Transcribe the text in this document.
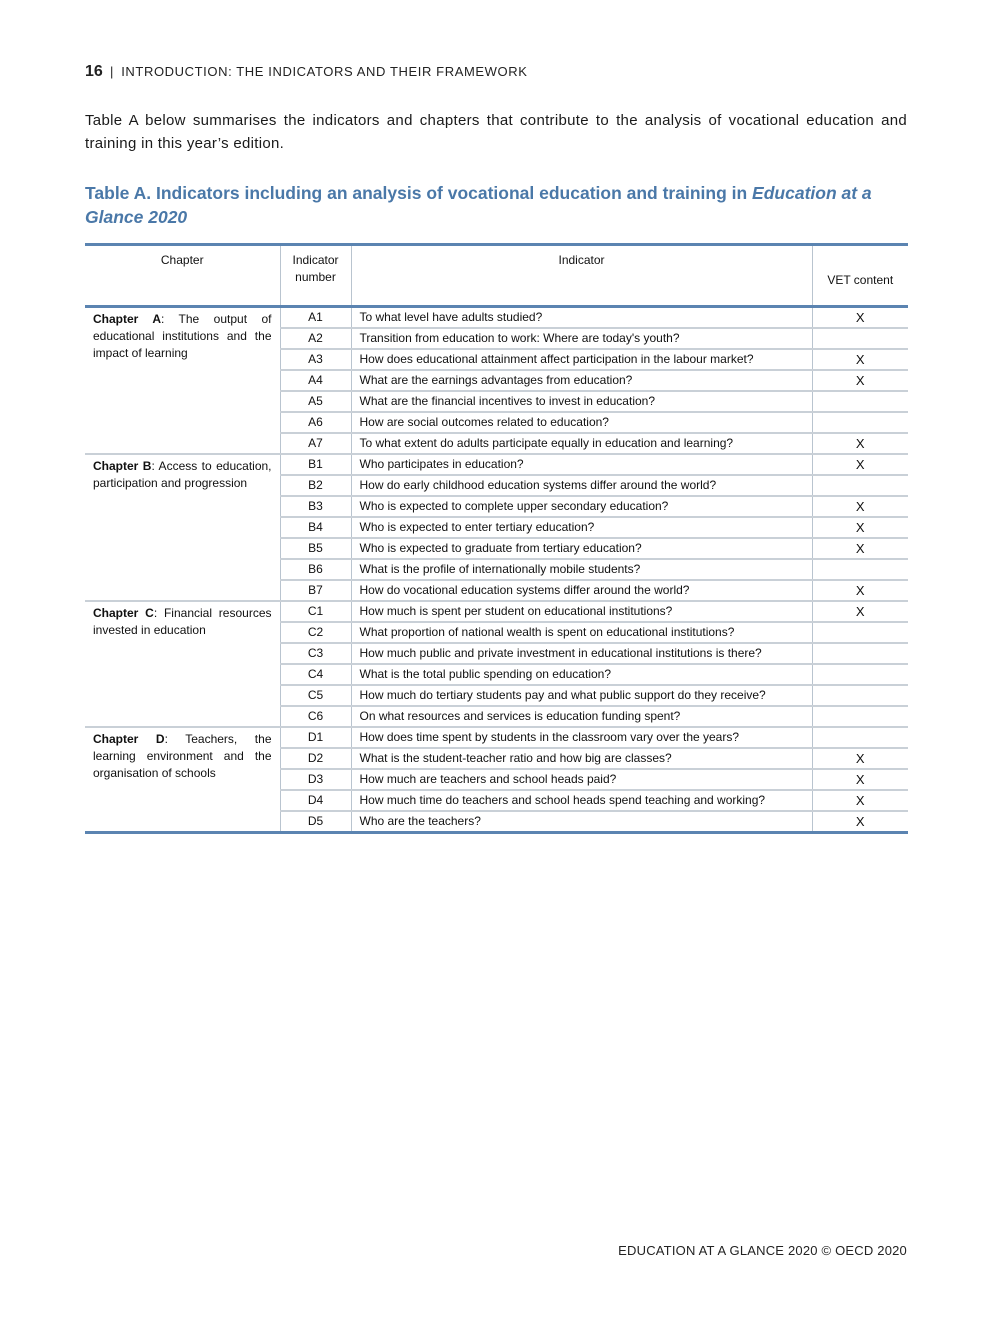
16 | INTRODUCTION: THE INDICATORS AND THEIR FRAMEWORK

Table A below summarises the indicators and chapters that contribute to the analysis of vocational education and training in this year’s edition.

Table A. Indicators including an analysis of vocational education and training in Education at a Glance 2020
Chapter	Indicator number	Indicator	VET content
Chapter A: The output of educational institutions and the impact of learning	A1	To what level have adults studied?	X
	A2	Transition from education to work: Where are today's youth?	
	A3	How does educational attainment affect participation in the labour market?	X
	A4	What are the earnings advantages from education?	X
	A5	What are the financial incentives to invest in education?	
	A6	How are social outcomes related to education?	
	A7	To what extent do adults participate equally in education and learning?	X
Chapter B: Access to education, participation and progression	B1	Who participates in education?	X
	B2	How do early childhood education systems differ around the world?	
	B3	Who is expected to complete upper secondary education?	X
	B4	Who is expected to enter tertiary education?	X
	B5	Who is expected to graduate from tertiary education?	X
	B6	What is the profile of internationally mobile students?	
	B7	How do vocational education systems differ around the world?	X
Chapter C: Financial resources invested in education	C1	How much is spent per student on educational institutions?	X
	C2	What proportion of national wealth is spent on educational institutions?	
	C3	How much public and private investment in educational institutions is there?	
	C4	What is the total public spending on education?	
	C5	How much do tertiary students pay and what public support do they receive?	
	C6	On what resources and services is education funding spent?	
Chapter D: Teachers, the learning environment and the organisation of schools	D1	How does time spent by students in the classroom vary over the years?	
	D2	What is the student-teacher ratio and how big are classes?	X
	D3	How much are teachers and school heads paid?	X
	D4	How much time do teachers and school heads spend teaching and working?	X
	D5	Who are the teachers?	X
EDUCATION AT A GLANCE 2020 © OECD 2020
